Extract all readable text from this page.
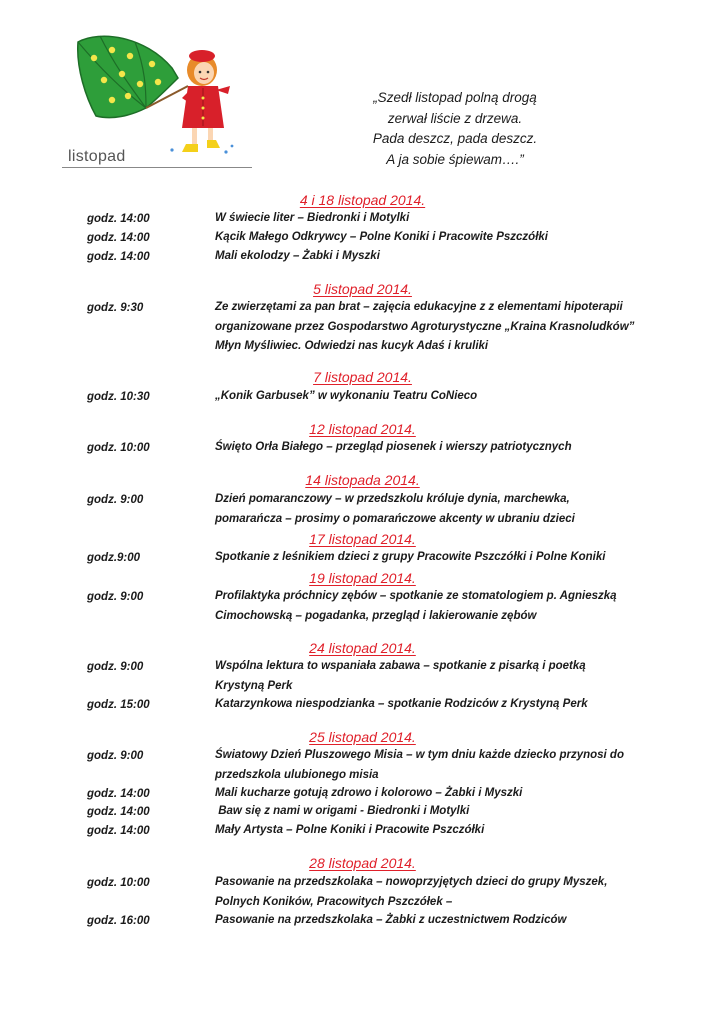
listopad
„Szedł listopad polną drogą
zerwał liście z drzewa.
Pada deszcz, pada deszcz.
A ja sobie śpiewam….”
4 i 18 listopad 2014.
godz. 14:00	W świecie liter – Biedronki i Motylki
godz. 14:00	Kącik Małego Odkrywcy – Polne Koniki i Pracowite Pszczółki
godz. 14:00	Mali ekolodzy – Żabki i Myszki
5 listopad 2014.
godz. 9:30	Ze zwierzętami za pan brat – zajęcia edukacyjne z z elementami hipoterapii
organizowane przez Gospodarstwo Agroturystyczne „Kraina Krasnoludków”
Młyn Myśliwiec. Odwiedzi nas kucyk Adaś i kruliki
7 listopad 2014.
godz. 10:30	„Konik Garbusek” w wykonaniu Teatru CoNieco
12 listopad 2014.
godz. 10:00	Święto Orła Białego – przegląd piosenek i wierszy patriotycznych
14 listopada 2014.
godz. 9:00	Dzień pomaranczowy – w przedszkolu króluje dynia, marchewka,
pomarańcza – prosimy o pomarańczowe akcenty w ubraniu dzieci
17 listopad 2014.
godz.9:00	Spotkanie z leśnikiem dzieci z grupy Pracowite Pszczółki i Polne Koniki
19 listopad 2014.
godz. 9:00	Profilaktyka próchnicy zębów – spotkanie ze stomatologiem p. Agnieszką
Cimochowską – pogadanka, przegląd i lakierowanie zębów
24 listopad 2014.
godz. 9:00	Wspólna lektura to wspaniała zabawa – spotkanie z pisarką i poetką
Krystyną Perk
godz. 15:00	Katarzynkowa niespodzianka – spotkanie Rodziców z Krystyną Perk
25 listopad 2014.
godz. 9:00	Światowy Dzień Pluszowego Misia – w tym dniu każde dziecko przynosi do
przedszkola ulubionego misia
godz. 14:00	Mali kucharze gotują zdrowo i kolorowo – Żabki i Myszki
godz. 14:00	Baw się z nami w origami - Biedronki i Motylki
godz. 14:00	Mały Artysta – Polne Koniki i Pracowite Pszczółki
28 listopad 2014.
godz. 10:00	Pasowanie na przedszkolaka – nowoprzyjętych dzieci do grupy Myszek,
Polnych Koników, Pracowitych Pszczółek –
godz. 16:00	Pasowanie na przedszkolaka – Żabki z uczestnictwem Rodziców
